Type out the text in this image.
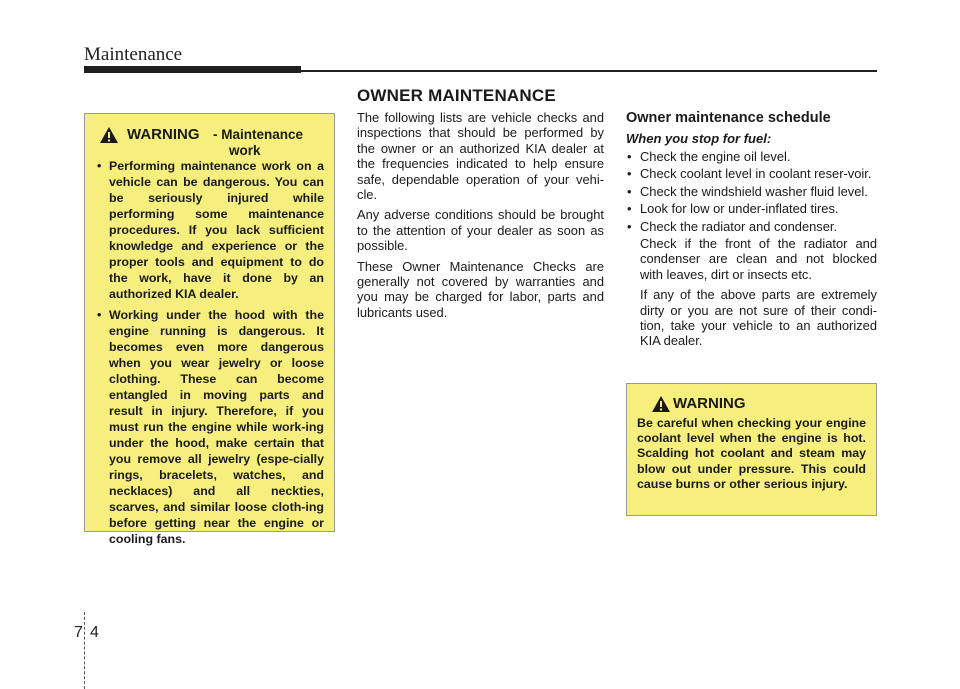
Maintenance
OWNER MAINTENANCE
WARNING - Maintenance
work
• Performing maintenance work on a vehicle can be dangerous. You can be seriously injured while performing some maintenance procedures. If you lack sufficient knowledge and experience or the proper tools and equipment to do the work, have it done by an authorized KIA dealer.
• Working under the hood with the engine running is dangerous. It becomes even more dangerous when you wear jewelry or loose clothing. These can become entangled in moving parts and result in injury. Therefore, if you must run the engine while work-ing under the hood, make certain that you remove all jewelry (espe-cially rings, bracelets, watches, and necklaces) and all neckties, scarves, and similar loose cloth-ing before getting near the engine or cooling fans.

The following lists are vehicle checks and inspections that should be performed by the owner or an authorized KIA dealer at the frequencies indicated to help ensure safe, dependable operation of your vehi-cle.

Any adverse conditions should be brought to the attention of your dealer as soon as possible.

These Owner Maintenance Checks are generally not covered by warranties and you may be charged for labor, parts and lubricants used.

Owner maintenance schedule
When you stop for fuel:
• Check the engine oil level.
• Check coolant level in coolant reser-voir.
• Check the windshield washer fluid level.
• Look for low or under-inflated tires.
• Check the radiator and condenser.

Check if the front of the radiator and condenser are clean and not blocked with leaves, dirt or insects etc.

If any of the above parts are extremely dirty or you are not sure of their condi-tion, take your vehicle to an authorized KIA dealer.

WARNING
Be careful when checking your engine coolant level when the engine is hot. Scalding hot coolant and steam may blow out under pressure. This could cause burns or other serious injury.
7 4
